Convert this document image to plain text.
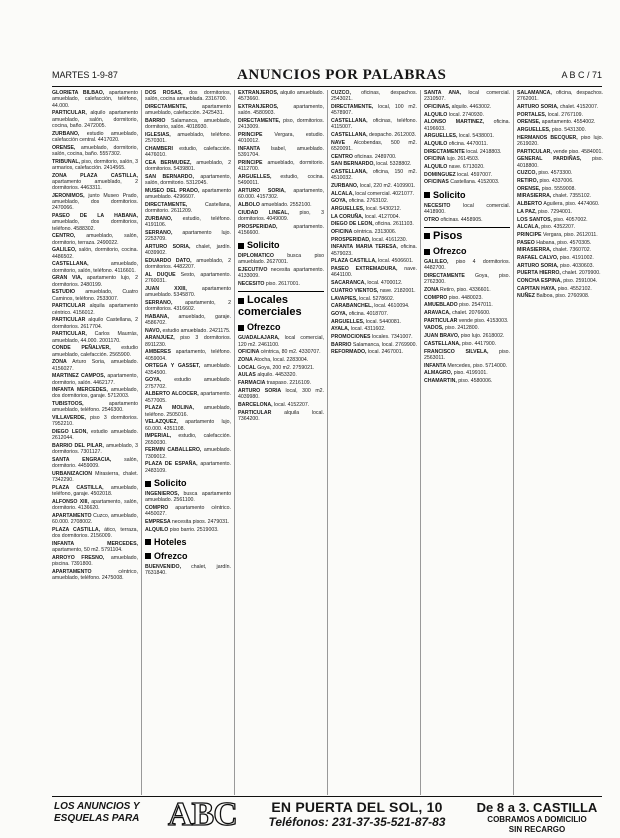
MARTES 1-9-87	ANUNCIOS POR PALABRAS	A B C / 71

GLORIETA BILBAO, apartamento amueblado, calefacción, teléfono, 44.000.

PARTICULAR, alquilo apartamento amueblado, salón, dormitorio, cocina, baño. 2472005.

ZURBANO, estudio amueblado, calefacción central. 4417020.

ORENSE, amueblado, dormitorio, salón, cocina, baño. 5557302.

TRIBUNAL, piso, dormitorio, salón, 3 armarios, calefacción. 2414565.

ZONA PLAZA CASTILLA, apartamento amueblado, 2 dormitorios. 4463311.

JERONIMOS, junto Museo Prado, amueblado, dos dormitorios. 2470066.

PASEO DE LA HABANA, amueblado, dos dormitorios, teléfono. 4588302.

CENTRO, amueblado, salón, dormitorio, terraza. 2490022.

GALILEO, salón, dormitorio, cocina. 4486502.

CASTELLANA, amueblado, dormitorio, salón, teléfono. 4116601.

GRAN VIA, apartamento lujo, 2 dormitorios. 2480199.

ESTUDIO amueblado, Cuatro Caminos, teléfono. 2533007.

PARTICULAR alquila apartamento céntrico. 4156012.

PARTICULAR alquilo Castellana, 2 dormitorios. 2617704.

PARTICULAR, Carlos Maurrás, amueblado, 44.000. 2001170.

CONDE PEÑALVER, estudio amueblado, calefacción. 2565900.

ZONA Arturo Soria, amueblado. 4156027.

MARTINEZ CAMPOS, apartamento, dormitorio, salón. 4462177.

INFANTA MERCEDES, amueblado, dos dormitorios, garaje. 5712003.

TUBISTOOS, apartamento amueblado, teléfono. 2546300.

VILLAVERDE, piso 3 dormitorios. 7952210.

DIEGO LEON, estudio amueblado. 2612044.

BARRIO DEL PILAR, amueblado, 3 dormitorios. 7301127.

SANTA ENGRACIA, salón, dormitorio. 4459009.

URBANIZACION Mirasierra, chalet. 7342290.

PLAZA CASTILLA, amueblado, teléfono, garaje. 4502018.

ALFONSO XIII, apartamento, salón, dormitorio. 4136620.

APARTAMENTO Cuzco, amueblado, 60.000. 2708002.

PLAZA CASTILLA, ático, terraza, dos dormitorios. 2156009.

INFANTA MERCEDES, apartamento, 50 m2. 5791104.

ARROYO FRESNO, amueblado, piscina. 7391800.

APARTAMENTO céntrico, amueblado, teléfono. 2475008.

DOS ROSAS, dos dormitorios, salón, cocina amueblada. 2316700.

DIRECTAMENTE, apartamento amueblado, calefacción. 2425431.

BARRIO Salamanca, amueblado, dormitorio, salón. 4018930.

IGLESIAS, amueblado, teléfono. 2570301.

CHAMBERI estudio, calefacción. 4476010.

CEA BERMUDEZ, amueblado, 2 dormitorios. 5439801.

SAN BERNARDO, apartamento, salón, dormitorio. 5312045.

MUSEO DEL PRADO, apartamento amueblado. 4296607.

DIRECTAMENTE, Castellana, dormitorio. 2611209.

ZURBANO, estudio, teléfono. 4191106.

SERRANO, apartamento lujo. 2253709.

ARTURO SORIA, chalet, jardín. 4039902.

EDUARDO DATO, amueblado, 2 dormitorios. 4482207.

AL DUQUE Sesto, apartamento. 2760031.

JUAN XXIII, apartamento amueblado. 5345870.

SERRANO, apartamento, 2 dormitorios. 4316602.

HABANA, amueblado, garaje. 4586702.

NAVO, estudio amueblado. 2421175.

ARANJUEZ, piso 3 dormitorios. 8911230.

AMBERES apartamento, teléfono. 4059004.

ORTEGA Y GASSET, amueblado. 4354500.

GOYA, estudio amueblado. 2757702.

ALBERTO ALCOCER, apartamento. 4577005.

PLAZA MOLINA, amueblado, teléfono. 2505016.

VELAZQUEZ, apartamento lujo, 60.000. 4351108.

IMPERIAL, estudio, calefacción. 2650030.

FERMIN CABALLERO, amueblado. 7309012.

PLAZA DE ESPAÑA, apartamento. 2483109.

Solicito

INGENIEROS, busca apartamento amueblado. 2561100.

COMPRO apartamento céntrico. 4450027.

EMPRESA necesita pisos. 2479031.

ALQUILO piso barrio. 2519003.

Hoteles
Ofrezco

BUENVENIDO, chalet, jardín. 7631840.

EXTRANJEROS, alquilo amueblado. 4573660.

EXTRANJEROS, apartamento, salón. 4580903.

DIRECTAMENTE, piso, dormitorios. 2413009.

PRINCIPE Vergara, estudio. 4010012.

INFANTA Isabel, amueblado. 5391704.

PRINCIPE amueblado, dormitorio. 4112700.

ARGUELLES, estudio, cocina. 5490011.

ARTURO SORIA, apartamento, 60.000. 4157302.

ALBOLO amueblado. 2552100.

CIUDAD LINEAL, piso, 3 dormitorios. 4049009.

PROSPERIDAD, apartamento. 4156600.

Solicito

DIPLOMATICO busca piso amueblado. 2627001.

EJECUTIVO necesita apartamento. 4133009.

NECESITO piso. 2617001.

Locales comerciales
Ofrezco

GUADALAJARA, local comercial, 120 m2. 2461100.

OFICINA céntrica, 80 m2. 4330707.

ZONA Atocha, local. 2283004.

LOCAL Goya, 200 m2. 2759021.

AULAS alquilo. 4453320.

FARMACIA traspaso. 2216109.

ARTURO SORIA local, 300 m2. 4039980.

BARCELONA, local. 4152207.

PARTICULAR alquila local. 7364200.

CUZCO, oficinas, despachos. 2543021.

DIRECTAMENTE, local, 100 m2. 4578907.

CASTELLANA, oficinas, teléfono. 4115007.

CASTELLANA, despacho. 2612003.

NAVE Alcobendas, 500 m2. 6520091.

CENTRO oficinas. 2489700.

SAN BERNARDO, local. 5328802.

CASTELLANA, oficina, 150 m2. 4510032.

ZURBANO, local, 220 m2. 4109901.

ALCALA, local comercial. 4021077.

GOYA, oficina. 2763102.

ARGUELLES, local. 5430212.

LA CORUÑA, local. 4127004.

DIEGO DE LEON, oficina. 2611103.

OFICINA céntrica. 2313006.

PROSPERIDAD, local. 4161230.

INFANTA MARIA TERESA, oficina. 4579023.

PLAZA CASTILLA, local. 4506601.

PASEO EXTREMADURA, nave. 4641100.

SACARANCA, local. 4700012.

CUATRO VIENTOS, nave. 2182001.

LAVAPIES, local. 5278602.

CARABANCHEL, local. 4610094.

GOYA, oficina. 4018707.

ARGUELLES, local. 5440081.

AYALA, local. 4311602.

PROMOCIONES locales. 7341007.

BARRIO Salamanca, local. 2769900.

REFORMADO, local. 2467001.

SANTA ANA, local comercial. 2310507.

OFICINAS, alquilo. 4463002.

ALQUILO local. 2740930.

ALONSO MARTINEZ, oficina. 4196603.

ARGUELLES, local. 5438001.

ALQUILO oficina. 4470011.

DIRECTAMENTE local. 2418803.

OFICINA lujo. 2614503.

ALQUILO nave. 6713020.

DOMINGUEZ local. 4597007.

OFICINAS Castellana. 4152003.

Solicito

NECESITO local comercial. 4418900.

OTRO oficinas. 4458905.

Pisos
Ofrezco

GALILEO, piso 4 dormitorios. 4482700.

DIRECTAMENTE Goya, piso. 2762300.

ZONA Retiro, piso. 4336601.

COMPRO piso. 4480023.

AMUEBLADO piso. 2547011.

ARAVACA, chalet. 2076600.

PARTICULAR vende piso. 4153003.

VADOS, piso. 2412800.

JUAN BRAVO, piso lujo. 2618002.

CASTELLANA, piso. 4417900.

FRANCISCO SILVELA, piso. 2563011.

INFANTA Mercedes, piso. 5714000.

ALMAGRO, piso. 4199101.

CHAMARTIN, piso. 4580006.

SALAMANCA, oficina, despachos. 2762001.

ARTURO SORIA, chalet. 4152007.

PORTALES, local. 2767109.

ORENSE, apartamento. 4554002.

ARGUELLES, piso. 5431300.

HERMANOS BECQUER, piso lujo. 2619020.

PARTICULAR, vende piso. 4584001.

GENERAL PARDIÑAS, piso. 4018800.

CUZCO, piso. 4573300.

RETIRO, piso. 4337006.

ORENSE, piso. 5559008.

MIRASIERRA, chalet. 7355102.

ALBERTO Aguilera, piso. 4474060.

LA PAZ, piso. 7294001.

LOS SANTOS, piso. 4057002.

ALCALA, piso. 4352207.

PRINCIPE Vergara, piso. 2612011.

PASEO Habana, piso. 4570305.

MIRASIERRA, chalet. 7360702.

RAFAEL CALVO, piso. 4191002.

ARTURO SORIA, piso. 4030603.

PUERTA HIERRO, chalet. 2079900.

CONCHA ESPINA, piso. 2591004.

CAPITAN HAYA, piso. 4552102.

NUÑEZ Balboa, piso. 2760908.

LOS ANUNCIOS Y
ESQUELAS PARA ABC	EN PUERTA DEL SOL, 10
Teléfonos: 231-37-35-521-87-83
De 8 a 3. CASTILLA
COBRAMOS A DOMICILIO
SIN RECARGO
